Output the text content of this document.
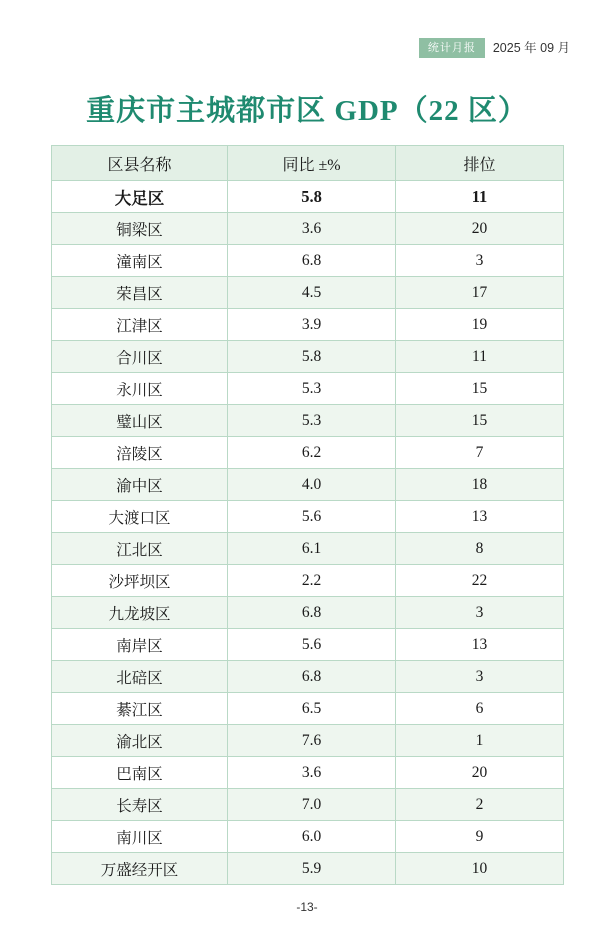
统计月报	2025 年 09 月
重庆市主城都市区 GDP（22 区）
区县名称	同比 ±%	排位
大足区	5.8	11
铜梁区	3.6	20
潼南区	6.8	3
荣昌区	4.5	17
江津区	3.9	19
合川区	5.8	11
永川区	5.3	15
璧山区	5.3	15
涪陵区	6.2	7
渝中区	4.0	18
大渡口区	5.6	13
江北区	6.1	8
沙坪坝区	2.2	22
九龙坡区	6.8	3
南岸区	5.6	13
北碚区	6.8	3
綦江区	6.5	6
渝北区	7.6	1
巴南区	3.6	20
长寿区	7.0	2
南川区	6.0	9
万盛经开区	5.9	10
-13-
